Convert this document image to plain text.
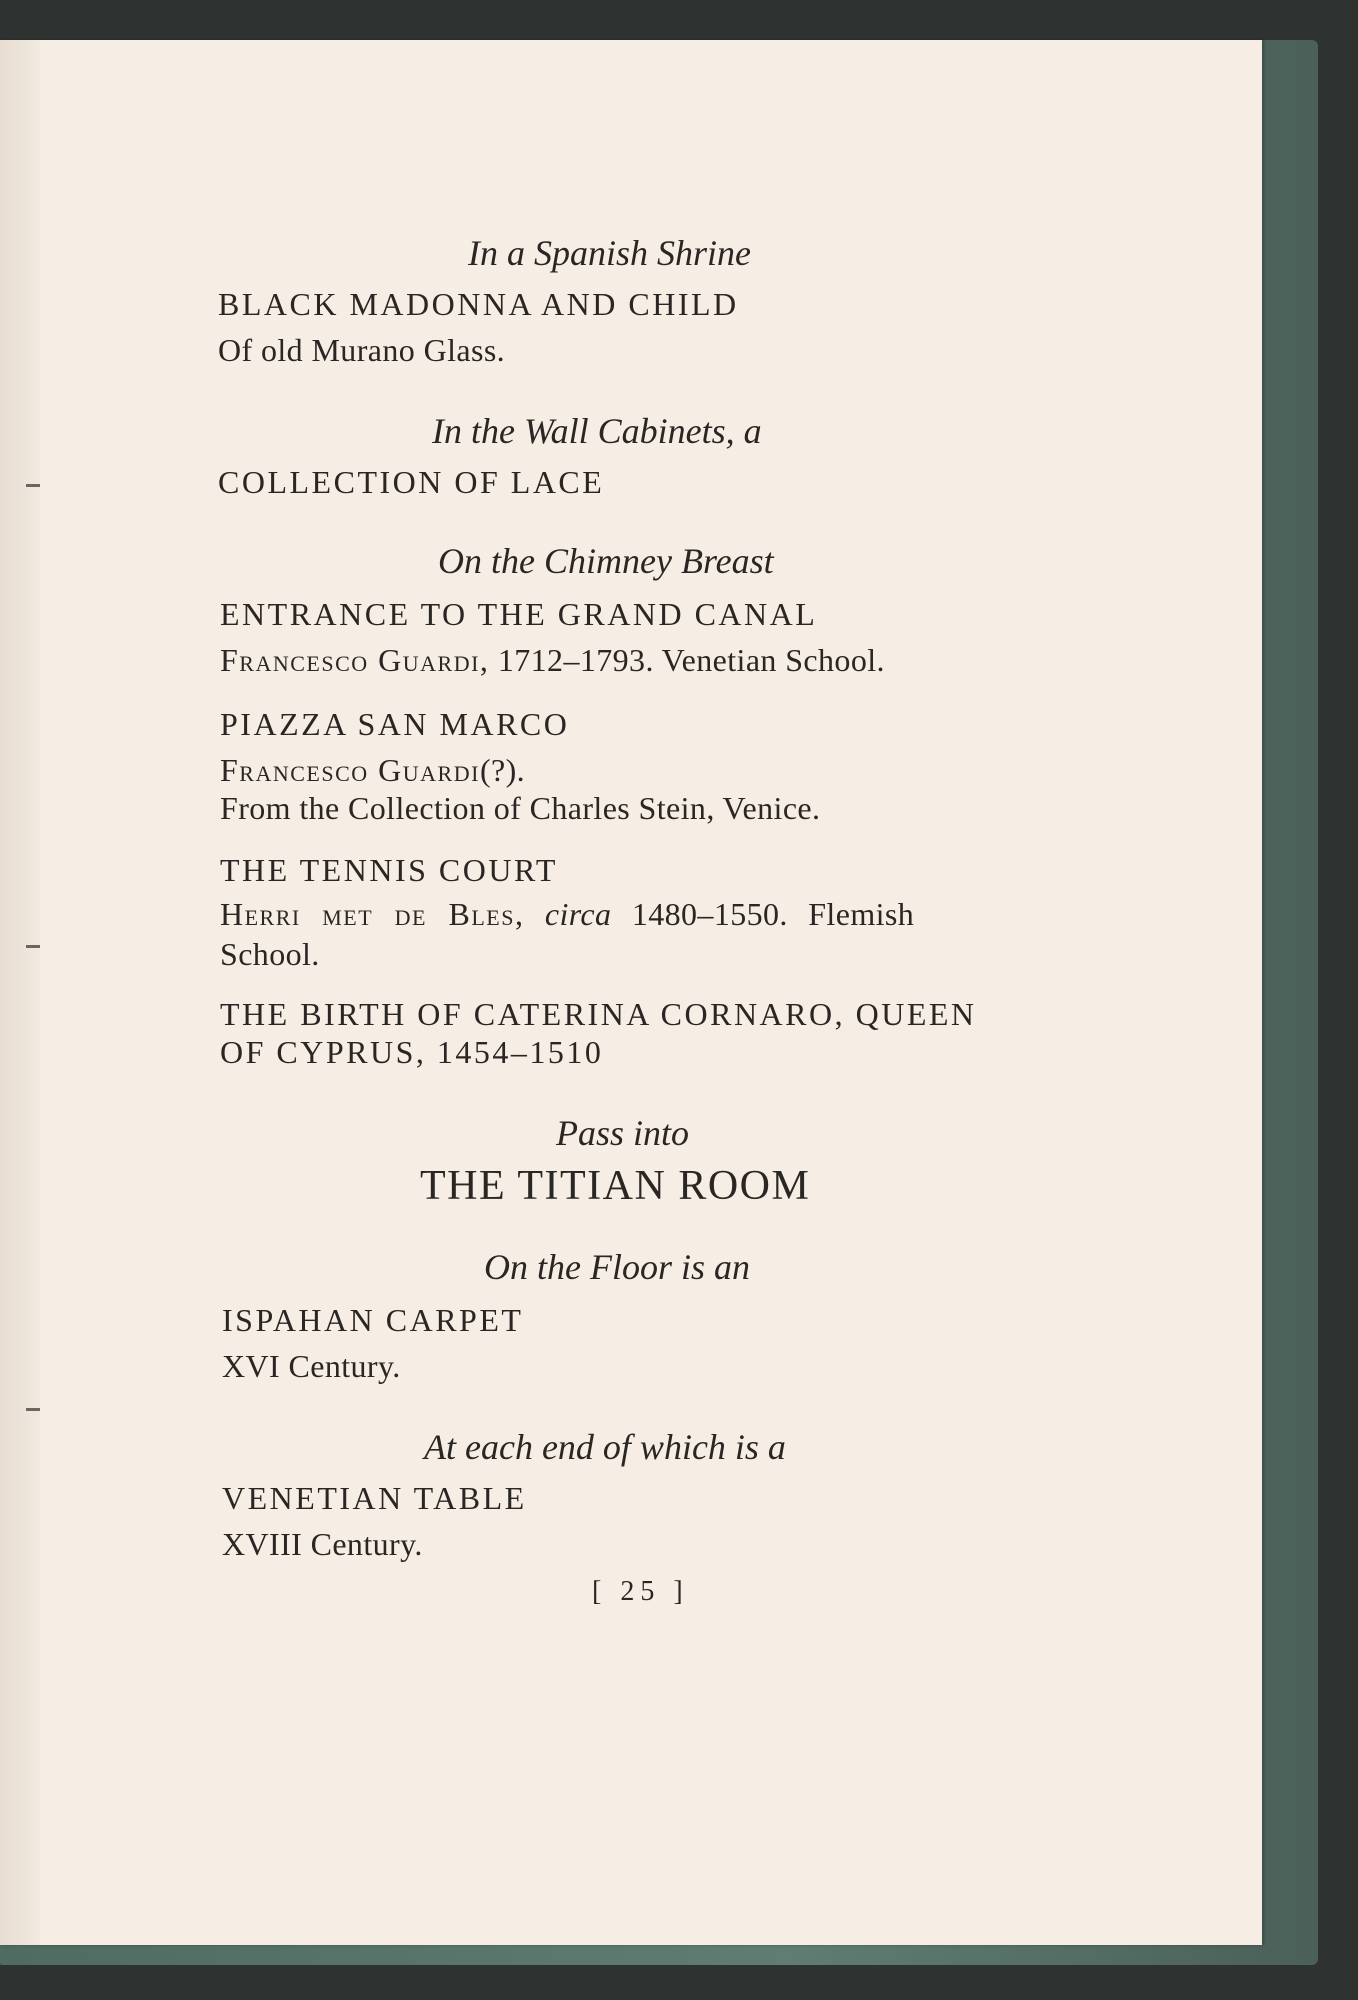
In a Spanish Shrine
BLACK MADONNA AND CHILD
Of old Murano Glass.
In the Wall Cabinets, a
COLLECTION OF LACE
On the Chimney Breast
ENTRANCE TO THE GRAND CANAL
Francesco Guardi, 1712–1793. Venetian School.
PIAZZA SAN MARCO
Francesco Guardi(?).
From the Collection of Charles Stein, Venice.
THE TENNIS COURT
Herri met de Bles, circa 1480–1550. Flemish
School.
THE BIRTH OF CATERINA CORNARO, QUEEN
OF CYPRUS, 1454–1510
Pass into
THE TITIAN ROOM
On the Floor is an
ISPAHAN CARPET
XVI Century.
At each end of which is a
VENETIAN TABLE
XVIII Century.
[ 25 ]
